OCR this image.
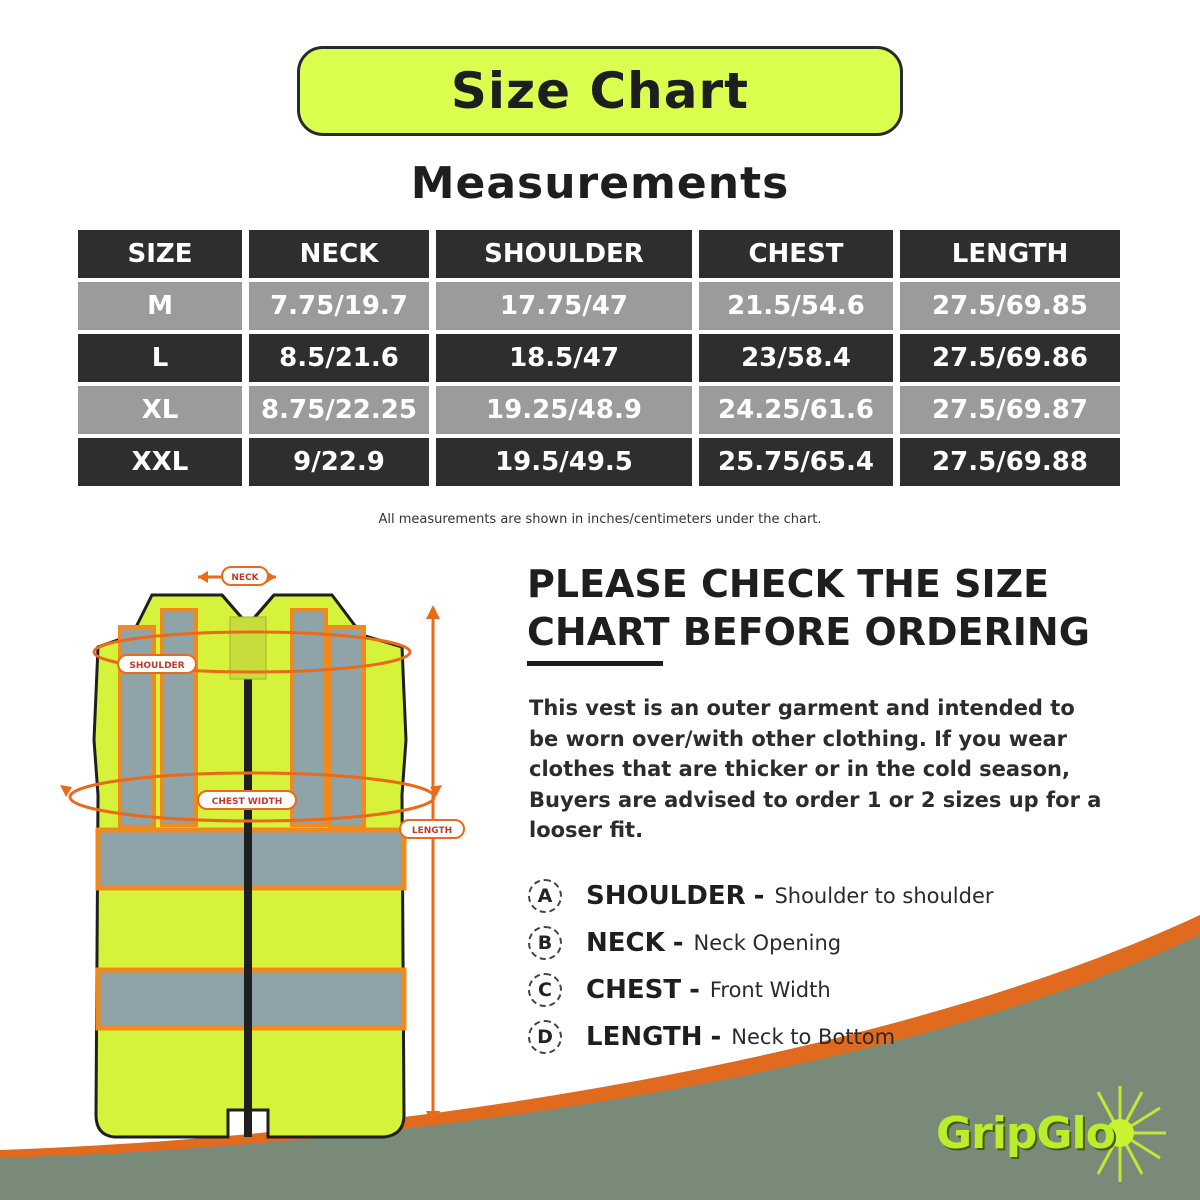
Size Chart
Measurements
SIZE	NECK	SHOULDER	CHEST	LENGTH
M	7.75/19.7	17.75/47	21.5/54.6	27.5/69.85
L	8.5/21.6	18.5/47	23/58.4	27.5/69.86
XL	8.75/22.25	19.25/48.9	24.25/61.6	27.5/69.87
XXL	9/22.9	19.5/49.5	25.75/65.4	27.5/69.88
All measurements are shown in inches/centimeters under the chart.
NECK
SHOULDER
CHEST WIDTH
LENGTH
PLEASE CHECK THE SIZE
CHART BEFORE ORDERING
This vest is an outer garment and intended to be worn over/with other clothing. If you wear clothes that are thicker or in the cold season, Buyers are advised to order 1 or 2 sizes up for a looser fit.
A	SHOULDER - Shoulder to shoulder
B	NECK - Neck Opening
C	CHEST - Front Width
D	LENGTH - Neck to Bottom
GripGlo
